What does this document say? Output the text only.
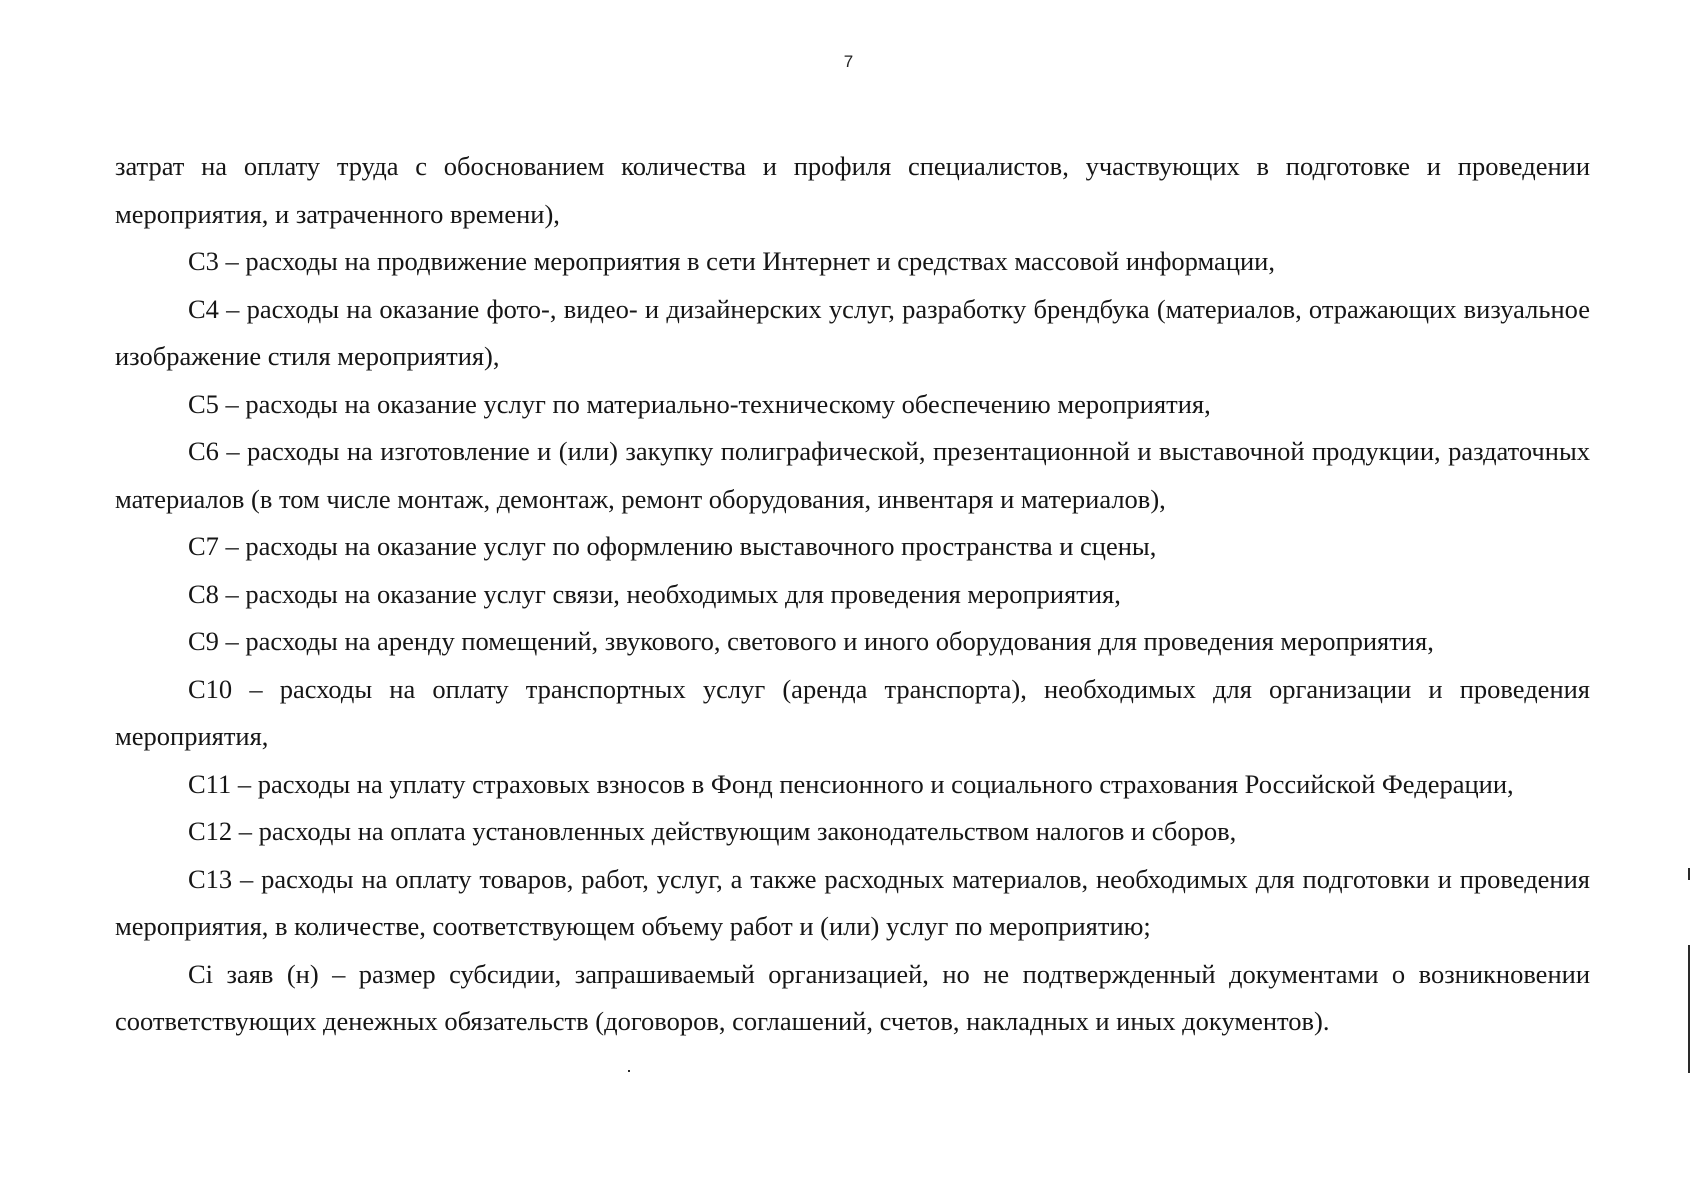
7

затрат на оплату труда с обоснованием количества и профиля специалистов, участвующих в подготовке и проведении мероприятия, и затраченного времени),

С3 – расходы на продвижение мероприятия в сети Интернет и средствах массовой информации,

С4 – расходы на оказание фото-, видео- и дизайнерских услуг, разработку брендбука (материалов, отражающих визуальное изображение стиля мероприятия),

С5 – расходы на оказание услуг по материально-техническому обеспечению мероприятия,

С6 – расходы на изготовление и (или) закупку полиграфической, презентационной и выставочной продукции, раздаточных материалов (в том числе монтаж, демонтаж, ремонт оборудования, инвентаря и материалов),

С7 – расходы на оказание услуг по оформлению выставочного пространства и сцены,

С8 – расходы на оказание услуг связи, необходимых для проведения мероприятия,

С9 – расходы на аренду помещений, звукового, светового и иного оборудования для проведения мероприятия,

С10 – расходы на оплату транспортных услуг (аренда транспорта), необходимых для организации и проведения мероприятия,

С11 – расходы на уплату страховых взносов в Фонд пенсионного и социального страхования Российской Федерации,

С12 – расходы на оплата установленных действующим законодательством налогов и сборов,

С13 – расходы на оплату товаров, работ, услуг, а также расходных материалов, необходимых для подготовки и проведения мероприятия, в количестве, соответствующем объему работ и (или) услуг по мероприятию;

Сi заяв (н) – размер субсидии, запрашиваемый организацией, но не подтвержденный документами о возникновении соответствующих денежных обязательств (договоров, соглашений, счетов, накладных и иных документов).
